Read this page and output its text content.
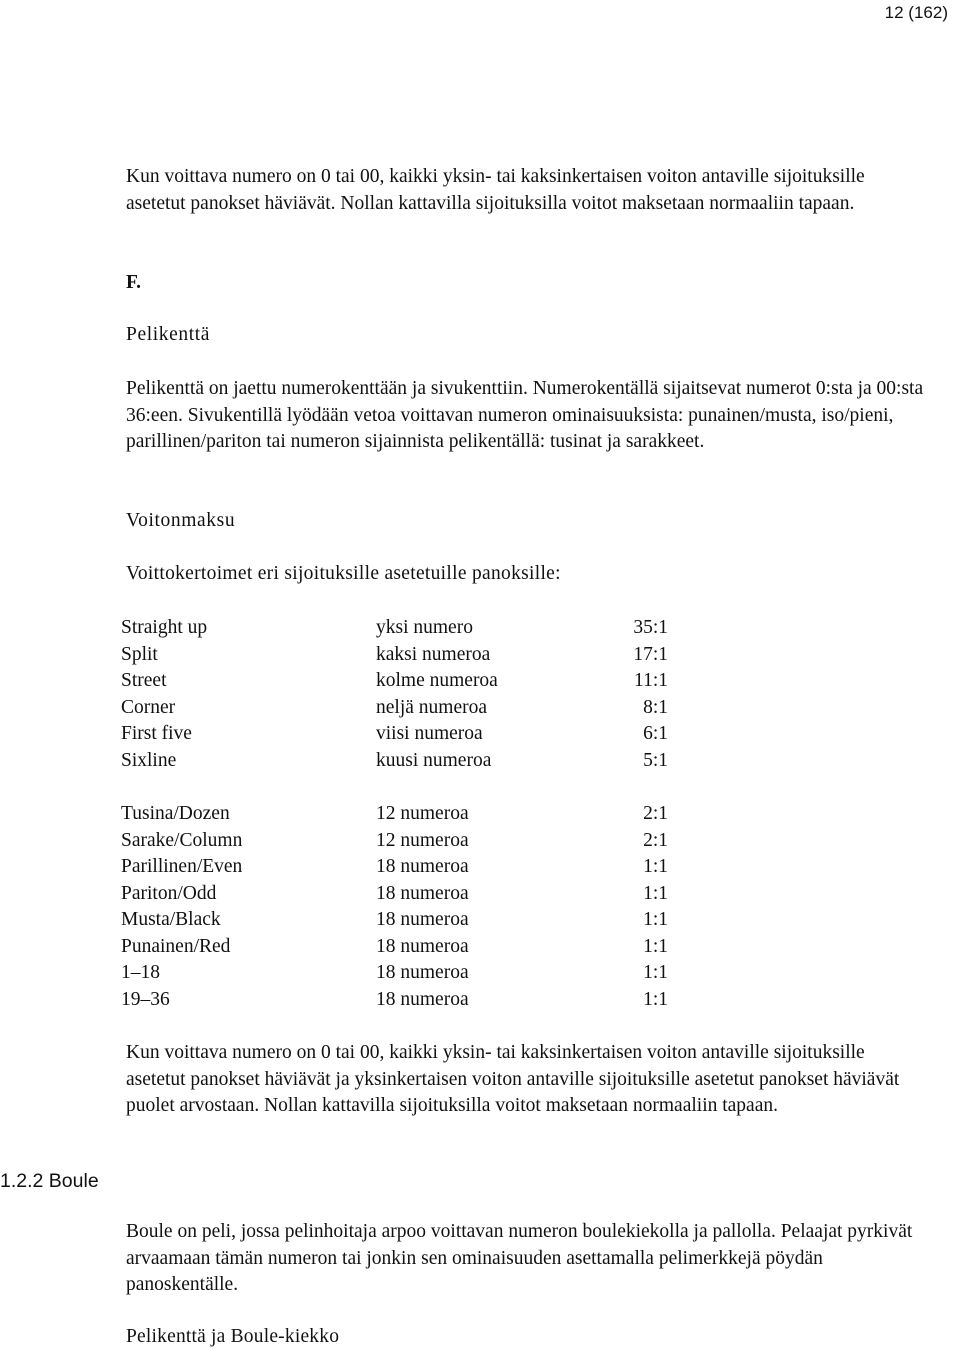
12 (162)

Kun voittava numero on 0 tai 00, kaikki yksin- tai kaksinkertaisen voiton antaville sijoituksille asetetut panokset häviävät. Nollan kattavilla sijoituksilla voitot maksetaan normaaliin tapaan.

F.
Pelikenttä

Pelikenttä on jaettu numerokenttään ja sivukenttiin. Numerokentällä sijaitsevat numerot 0:sta ja 00:sta 36:een. Sivukentillä lyödään vetoa voittavan numeron ominaisuuksista: punainen/musta, iso/pieni, parillinen/pariton tai numeron sijainnista pelikentällä: tusinat ja sarakkeet.

Voitonmaksu
Voittokertoimet eri sijoituksille asetetuille panoksille:
Straight up	yksi numero	35:1
Split	kaksi numeroa	17:1
Street	kolme numeroa	11:1
Corner	neljä numeroa	8:1
First five	viisi numeroa	6:1
Sixline	kuusi numeroa	5:1
Tusina/Dozen	12 numeroa	2:1
Sarake/Column	12 numeroa	2:1
Parillinen/Even	18 numeroa	1:1
Pariton/Odd	18 numeroa	1:1
Musta/Black	18 numeroa	1:1
Punainen/Red	18 numeroa	1:1
1–18	18 numeroa	1:1
19–36	18 numeroa	1:1

Kun voittava numero on 0 tai 00, kaikki yksin- tai kaksinkertaisen voiton antaville sijoituksille asetetut panokset häviävät ja yksinkertaisen voiton antaville sijoituksille asetetut panokset häviävät puolet arvostaan. Nollan kattavilla sijoituksilla voitot maksetaan normaaliin tapaan.

1.2.2 Boule

Boule on peli, jossa pelinhoitaja arpoo voittavan numeron boulekiekolla ja pallolla. Pelaajat pyrkivät arvaamaan tämän numeron tai jonkin sen ominaisuuden asettamalla pelimerkkejä pöydän panoskentälle.

Pelikenttä ja Boule-kiekko
